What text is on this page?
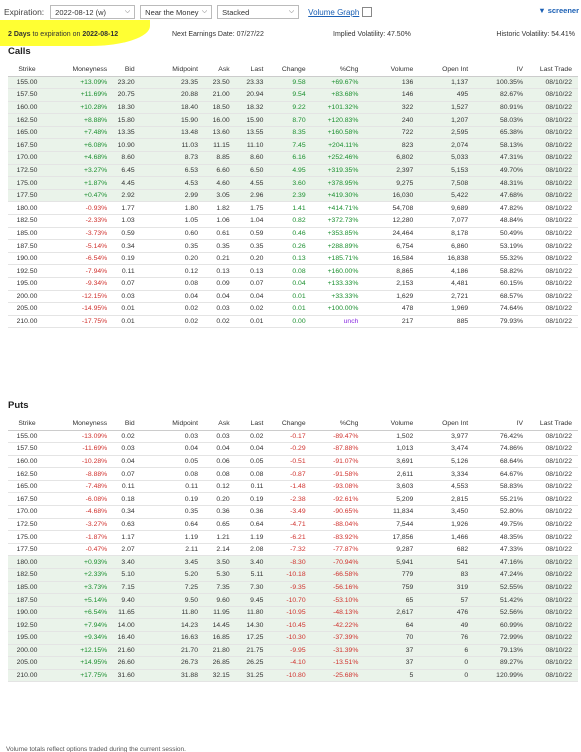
Expiration: 2022-08-12 (w)	⌵ Near the Money ⌵ Stacked	⌵ Volume Graph	▼ screener
2 Days to expiration on 2022-08-12	Next Earnings Date: 07/27/22	Implied Volatility: 47.50%	Historic Volatility: 54.41%
Calls
Strike	Moneyness	Bid	Midpoint	Ask	Last	Change	%Chg	Volume	Open Int	IV	Last Trade
155.00	+13.09%	23.20	23.35	23.50	23.33	9.58	+69.67%	136	1,137	100.35%	08/10/22
157.50	+11.69%	20.75	20.88	21.00	20.94	9.54	+83.68%	146	495	82.67%	08/10/22
160.00	+10.28%	18.30	18.40	18.50	18.32	9.22	+101.32%	322	1,527	80.91%	08/10/22
162.50	+8.88%	15.80	15.90	16.00	15.90	8.70	+120.83%	240	1,207	58.03%	08/10/22
165.00	+7.48%	13.35	13.48	13.60	13.55	8.35	+160.58%	722	2,595	65.38%	08/10/22
167.50	+6.08%	10.90	11.03	11.15	11.10	7.45	+204.11%	823	2,074	58.13%	08/10/22
170.00	+4.68%	8.60	8.73	8.85	8.60	6.16	+252.46%	6,802	5,033	47.31%	08/10/22
172.50	+3.27%	6.45	6.53	6.60	6.50	4.95	+319.35%	2,397	5,153	49.70%	08/10/22
175.00	+1.87%	4.45	4.53	4.60	4.55	3.60	+378.95%	9,275	7,508	48.31%	08/10/22
177.50	+0.47%	2.92	2.99	3.05	2.96	2.39	+419.30%	16,030	5,422	47.68%	08/10/22
180.00	-0.93%	1.77	1.80	1.82	1.75	1.41	+414.71%	54,708	9,689	47.82%	08/10/22
182.50	-2.33%	1.03	1.05	1.06	1.04	0.82	+372.73%	12,280	7,077	48.84%	08/10/22
185.00	-3.73%	0.59	0.60	0.61	0.59	0.46	+353.85%	24,464	8,178	50.49%	08/10/22
187.50	-5.14%	0.34	0.35	0.35	0.35	0.26	+288.89%	6,754	6,860	53.19%	08/10/22
190.00	-6.54%	0.19	0.20	0.21	0.20	0.13	+185.71%	16,584	16,838	55.32%	08/10/22
192.50	-7.94%	0.11	0.12	0.13	0.13	0.08	+160.00%	8,865	4,186	58.82%	08/10/22
195.00	-9.34%	0.07	0.08	0.09	0.07	0.04	+133.33%	2,153	4,481	60.15%	08/10/22
200.00	-12.15%	0.03	0.04	0.04	0.04	0.01	+33.33%	1,629	2,721	68.57%	08/10/22
205.00	-14.95%	0.01	0.02	0.03	0.02	0.01	+100.00%	478	1,969	74.64%	08/10/22
210.00	-17.75%	0.01	0.02	0.02	0.01	0.00	unch	217	885	79.93%	08/10/22
Puts
Strike	Moneyness	Bid	Midpoint	Ask	Last	Change	%Chg	Volume	Open Int	IV	Last Trade
155.00	-13.09%	0.02	0.03	0.03	0.02	-0.17	-89.47%	1,502	3,977	76.42%	08/10/22
157.50	-11.69%	0.03	0.04	0.04	0.04	-0.29	-87.88%	1,013	3,474	74.86%	08/10/22
160.00	-10.28%	0.04	0.05	0.06	0.05	-0.51	-91.07%	3,691	5,126	68.64%	08/10/22
162.50	-8.88%	0.07	0.08	0.08	0.08	-0.87	-91.58%	2,611	3,334	64.67%	08/10/22
165.00	-7.48%	0.11	0.11	0.12	0.11	-1.48	-93.08%	3,603	4,553	58.83%	08/10/22
167.50	-6.08%	0.18	0.19	0.20	0.19	-2.38	-92.61%	5,209	2,815	55.21%	08/10/22
170.00	-4.68%	0.34	0.35	0.36	0.36	-3.49	-90.65%	11,834	3,450	52.80%	08/10/22
172.50	-3.27%	0.63	0.64	0.65	0.64	-4.71	-88.04%	7,544	1,926	49.75%	08/10/22
175.00	-1.87%	1.17	1.19	1.21	1.19	-6.21	-83.92%	17,856	1,466	48.35%	08/10/22
177.50	-0.47%	2.07	2.11	2.14	2.08	-7.32	-77.87%	9,287	682	47.33%	08/10/22
180.00	+0.93%	3.40	3.45	3.50	3.40	-8.30	-70.94%	5,941	541	47.16%	08/10/22
182.50	+2.33%	5.10	5.20	5.30	5.11	-10.18	-66.58%	779	83	47.24%	08/10/22
185.00	+3.73%	7.15	7.25	7.35	7.30	-9.35	-56.16%	759	319	52.55%	08/10/22
187.50	+5.14%	9.40	9.50	9.60	9.45	-10.70	-53.10%	65	57	51.42%	08/10/22
190.00	+6.54%	11.65	11.80	11.95	11.80	-10.95	-48.13%	2,617	476	52.56%	08/10/22
192.50	+7.94%	14.00	14.23	14.45	14.30	-10.45	-42.22%	64	49	60.99%	08/10/22
195.00	+9.34%	16.40	16.63	16.85	17.25	-10.30	-37.39%	70	76	72.99%	08/10/22
200.00	+12.15%	21.60	21.70	21.80	21.75	-9.95	-31.39%	37	6	79.13%	08/10/22
205.00	+14.95%	26.60	26.73	26.85	26.25	-4.10	-13.51%	37	0	89.27%	08/10/22
210.00	+17.75%	31.60	31.88	32.15	31.25	-10.80	-25.68%	5	0	120.99%	08/10/22
Volume totals reflect options traded during the current session.
